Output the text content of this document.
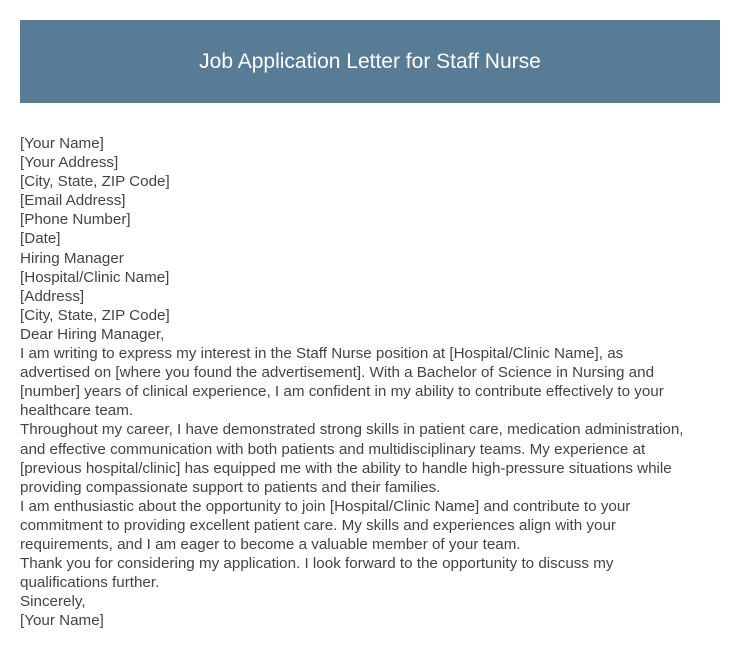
Job Application Letter for Staff Nurse
[Your Name]
[Your Address]
[City, State, ZIP Code]
[Email Address]
[Phone Number]
[Date]
Hiring Manager
[Hospital/Clinic Name]
[Address]
[City, State, ZIP Code]
Dear Hiring Manager,
I am writing to express my interest in the Staff Nurse position at [Hospital/Clinic Name], as
advertised on [where you found the advertisement]. With a Bachelor of Science in Nursing and
[number] years of clinical experience, I am confident in my ability to contribute effectively to your
healthcare team.
Throughout my career, I have demonstrated strong skills in patient care, medication administration,
and effective communication with both patients and multidisciplinary teams. My experience at
[previous hospital/clinic] has equipped me with the ability to handle high-pressure situations while
providing compassionate support to patients and their families.
I am enthusiastic about the opportunity to join [Hospital/Clinic Name] and contribute to your
commitment to providing excellent patient care. My skills and experiences align with your
requirements, and I am eager to become a valuable member of your team.
Thank you for considering my application. I look forward to the opportunity to discuss my
qualifications further.
Sincerely,
[Your Name]
